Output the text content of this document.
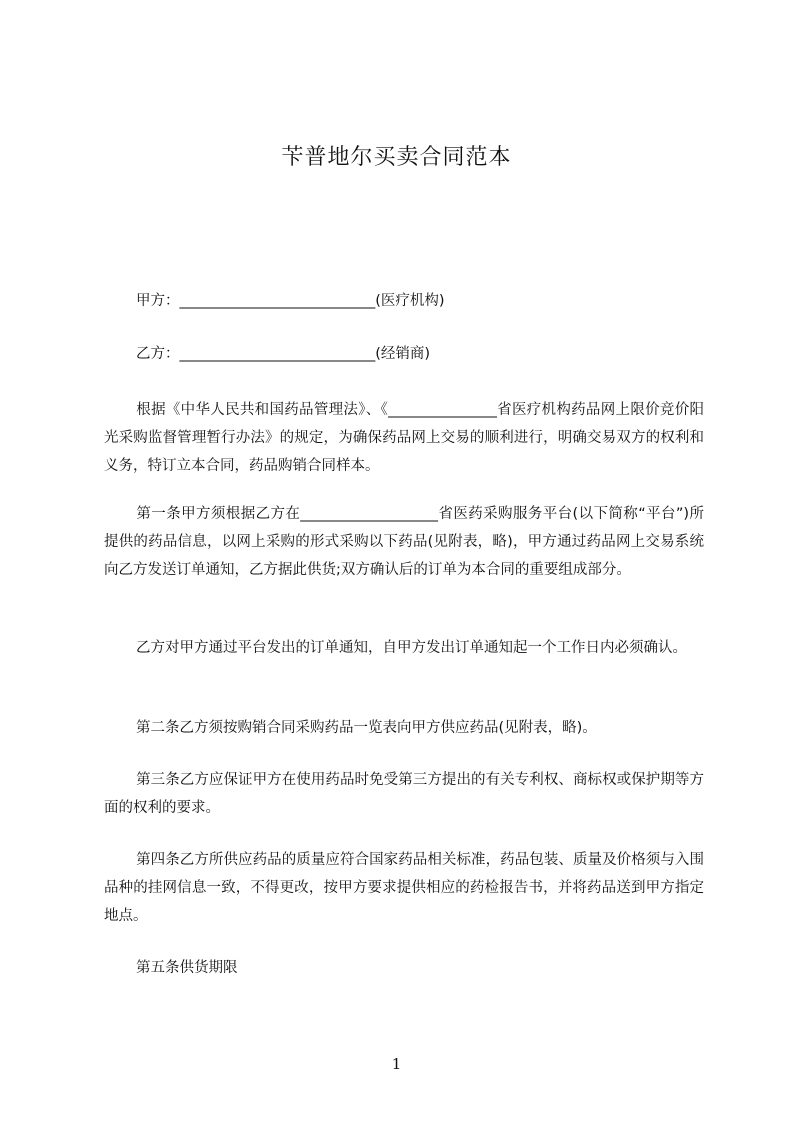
苄普地尔买卖合同范本
甲方：___________________________(医疗机构)
乙方：___________________________(经销商)
根据《中华人民共和国药品管理法》、《_______________省医疗机构药品网上限价竞价阳光采购监督管理暂行办法》的规定，为确保药品网上交易的顺利进行，明确交易双方的权利和义务，特订立本合同，药品购销合同样本。
第一条甲方须根据乙方在___________________省医药采购服务平台(以下简称“平台”)所提供的药品信息，以网上采购的形式采购以下药品(见附表，略)，甲方通过药品网上交易系统向乙方发送订单通知，乙方据此供货;双方确认后的订单为本合同的重要组成部分。
乙方对甲方通过平台发出的订单通知，自甲方发出订单通知起一个工作日内必须确认。
第二条乙方须按购销合同采购药品一览表向甲方供应药品(见附表，略)。
第三条乙方应保证甲方在使用药品时免受第三方提出的有关专利权、商标权或保护期等方面的权利的要求。
第四条乙方所供应药品的质量应符合国家药品相关标准，药品包装、质量及价格须与入围品种的挂网信息一致，不得更改，按甲方要求提供相应的药检报告书，并将药品送到甲方指定地点。
第五条供货期限
1
